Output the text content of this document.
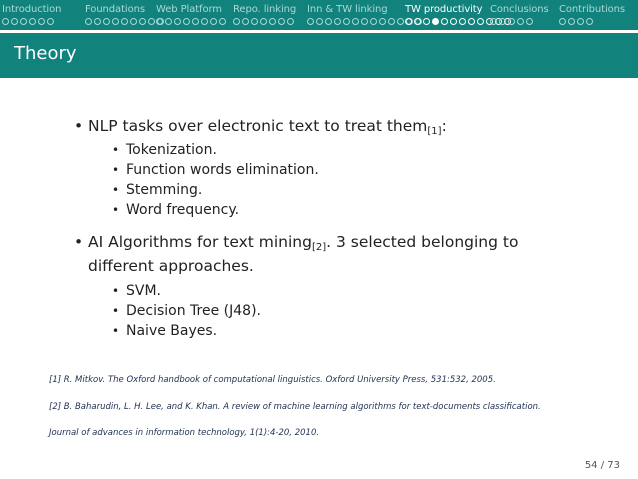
Introduction Foundations Web Platform Repo. linking Inn & TW linking TW productivity Conclusions Contributions
Theory
• NLP tasks over electronic text to treat them$_{[1]}$:
• Tokenization.
• Function words elimination.
• Stemming.
• Word frequency.
• AI Algorithms for text mining$_{[2]}$. 3 selected belonging to
different approaches.
• SVM.
• Decision Tree (J48).
• Naive Bayes.
[1] R. Mitkov. The Oxford handbook of computational linguistics. Oxford University Press, 531:532, 2005.
[2] B. Baharudin, L. H. Lee, and K. Khan. A review of machine learning algorithms for text-documents classification.
Journal of advances in information technology, 1(1):4-20, 2010.
54 / 73
